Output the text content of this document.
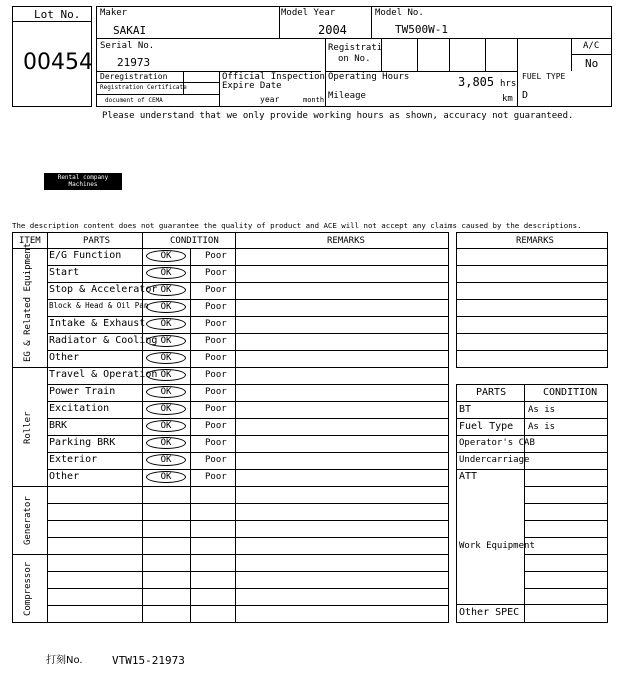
Lot No.
00454
Maker
SAKAI
Model Year
2004
Model No.
TW500W-1
Serial No.
21973
Registrati
on No.
A/C
No
Deregistration
Registration Certificate
document of CEMA
Official Inspection
Expire Date
year	month
Operating Hours	3,805 hrs
Mileage	km
FUEL TYPE
D
Please understand that we only provide working hours as shown, accuracy not guaranteed.
Rental company
Machines
The description content does not guarantee the quality of product and ACE will not accept any claims caused by the descriptions.
ITEM	PARTS	CONDITION	REMARKS
EG & Related Equipment
Roller
Generator
Compressor
E/G Function	OK	Poor
Start	OK	Poor
Stop & Accelerator OK	Poor
Block & Head & Oil Pan	OK	Poor
Intake & Exhaust	OK	Poor
Radiator & Cooling OK	Poor
Other	OK	Poor
Travel & Operation OK	Poor
Power Train	OK	Poor
Excitation	OK	Poor
BRK	OK	Poor
Parking BRK	OK	Poor
Exterior	OK	Poor
Other	OK	Poor
REMARKS
PARTS	CONDITION
BT	As is
Fuel Type As is
Operator's CAB
Undercarriage
ATT
Work Equipment
Other SPEC
打刻No.	VTW15-21973
